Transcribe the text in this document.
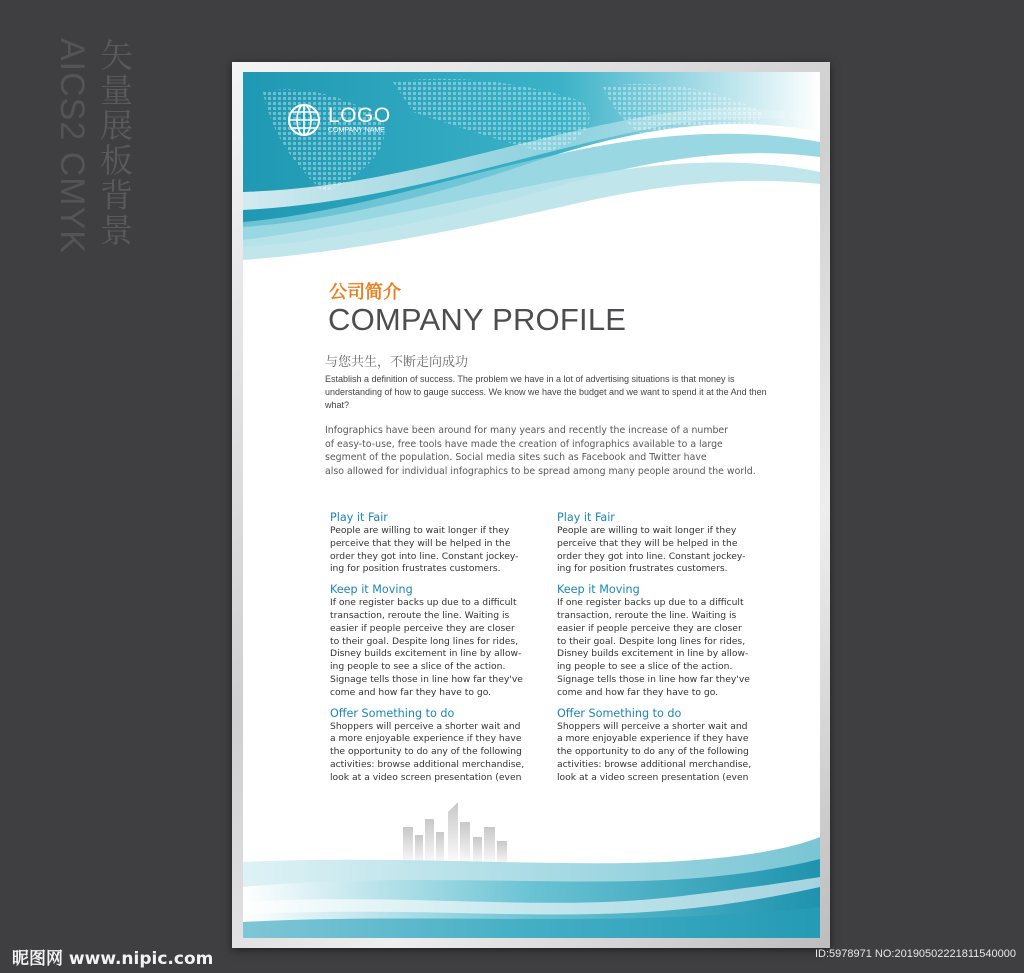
AICS2 CMYK 矢量展板背景	LOGO
COMPANY NAME
公司简介
COMPANY PROFILE
与您共生，不断走向成功
Establish a definition of success. The problem we have in a lot of advertising situations is that money is understanding of how to gauge success. We know we have the budget and we want to spend it at the And then what?
Infographics have been around for many years and recently the increase of a number
of easy-to-use, free tools have made the creation of infographics available to a large
segment of the population. Social media sites such as Facebook and Twitter have
also allowed for individual infographics to be spread among many people around the world.
Play it Fair
People are willing to wait longer if they
perceive that they will be helped in the
order they got into line. Constant jockey-
ing for position frustrates customers.
Keep it Moving
If one register backs up due to a difficult
transaction, reroute the line. Waiting is
easier if people perceive they are closer
to their goal. Despite long lines for rides,
Disney builds excitement in line by allow-
ing people to see a slice of the action.
Signage tells those in line how far they've
come and how far they have to go.
Offer Something to do
Shoppers will perceive a shorter wait and
a more enjoyable experience if they have
the opportunity to do any of the following
activities: browse additional merchandise,
look at a video screen presentation (even
Play it Fair
People are willing to wait longer if they
perceive that they will be helped in the
order they got into line. Constant jockey-
ing for position frustrates customers.
Keep it Moving
If one register backs up due to a difficult
transaction, reroute the line. Waiting is
easier if people perceive they are closer
to their goal. Despite long lines for rides,
Disney builds excitement in line by allow-
ing people to see a slice of the action.
Signage tells those in line how far they've
come and how far they have to go.
Offer Something to do
Shoppers will perceive a shorter wait and
a more enjoyable experience if they have
the opportunity to do any of the following
activities: browse additional merchandise,
look at a video screen presentation (even
昵图网 www.nipic.com	ID:5978971 NO:20190502221811540000
